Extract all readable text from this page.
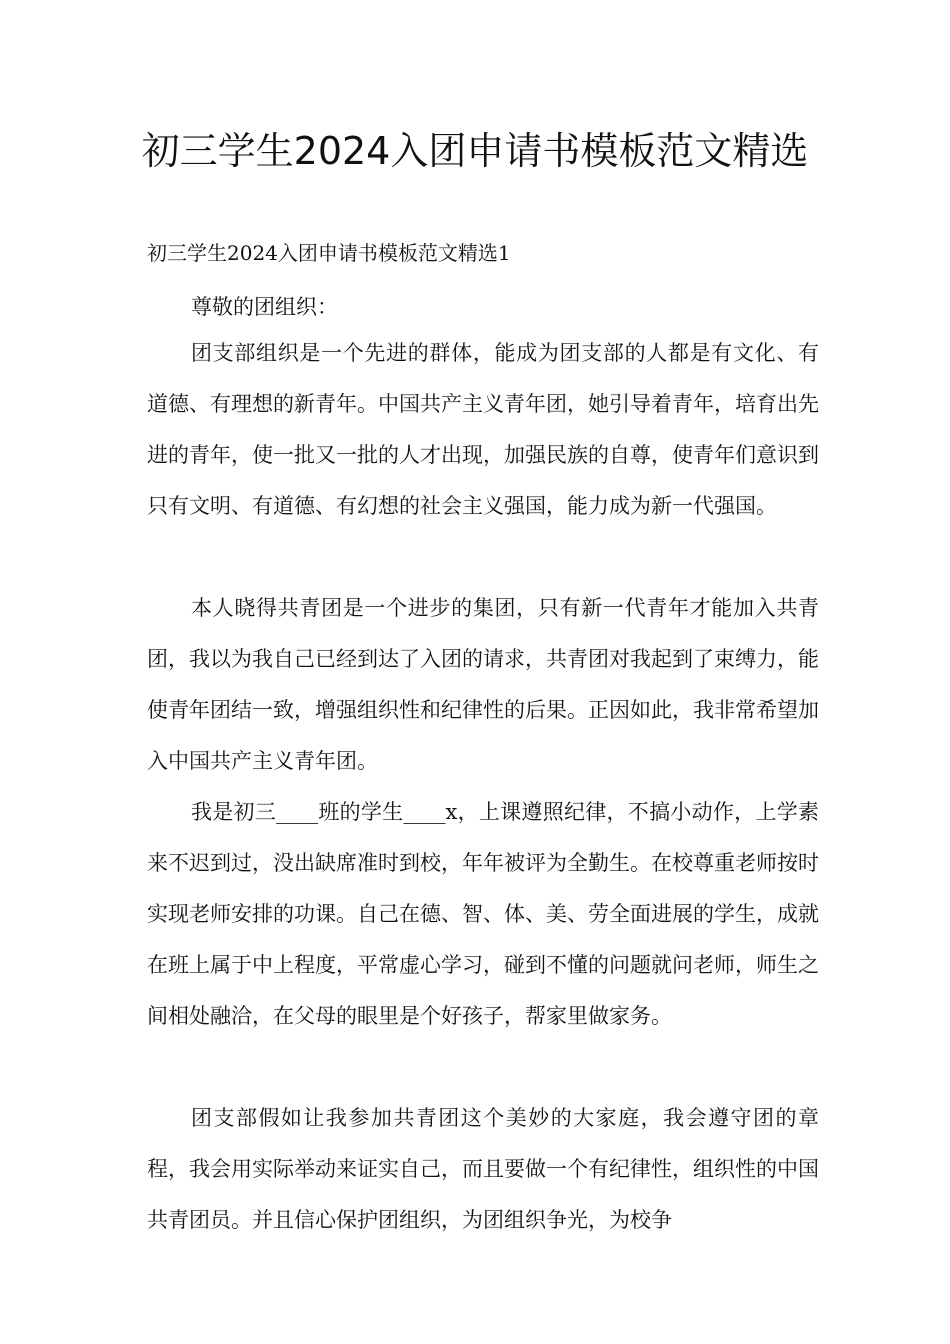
初三学生2024入团申请书模板范文精选

初三学生2024入团申请书模板范文精选1

尊敬的团组织：

团支部组织是一个先进的群体，能成为团支部的人都是有文化、有道德、有理想的新青年。中国共产主义青年团，她引导着青年，培育出先进的青年，使一批又一批的人才出现，加强民族的自尊，使青年们意识到只有文明、有道德、有幻想的社会主义强国，能力成为新一代强国。

本人晓得共青团是一个进步的集团，只有新一代青年才能加入共青团，我以为我自己已经到达了入团的请求，共青团对我起到了束缚力，能使青年团结一致，增强组织性和纪律性的后果。正因如此，我非常希望加入中国共产主义青年团。

我是初三____班的学生____x，上课遵照纪律，不搞小动作，上学素来不迟到过，没出缺席准时到校，年年被评为全勤生。在校尊重老师按时实现老师安排的功课。自己在德、智、体、美、劳全面进展的学生，成就在班上属于中上程度，平常虚心学习，碰到不懂的问题就问老师，师生之间相处融洽，在父母的眼里是个好孩子，帮家里做家务。

团支部假如让我参加共青团这个美妙的大家庭，我会遵守团的章程，我会用实际举动来证实自己，而且要做一个有纪律性，组织性的中国共青团员。并且信心保护团组织，为团组织争光，为校争
